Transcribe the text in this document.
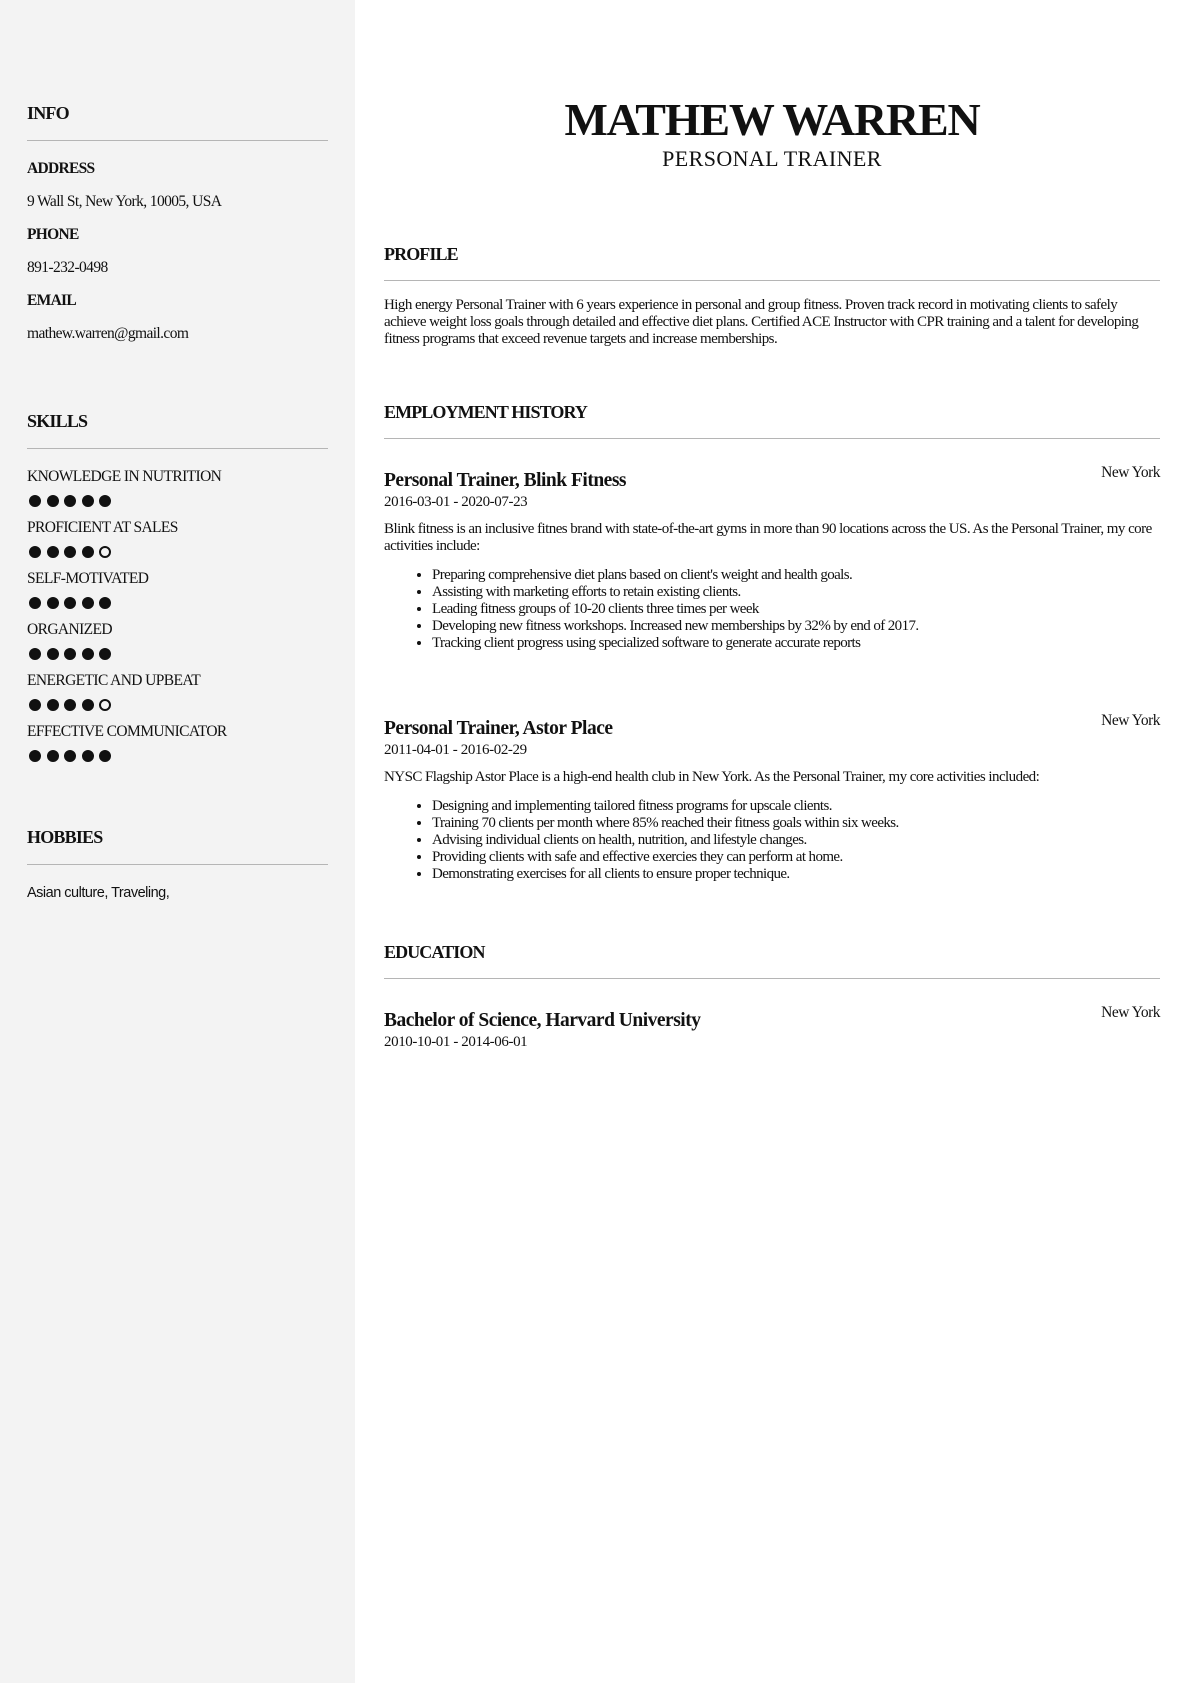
INFO
ADDRESS
9 Wall St, New York, 10005, USA
PHONE
891-232-0498
EMAIL
mathew.warren@gmail.com
SKILLS
KNOWLEDGE IN NUTRITION
PROFICIENT AT SALES
SELF-MOTIVATED
ORGANIZED
ENERGETIC AND UPBEAT
EFFECTIVE COMMUNICATOR
HOBBIES
Asian culture, Traveling,
MATHEW WARREN
PERSONAL TRAINER
PROFILE

High energy Personal Trainer with 6 years experience in personal and group fitness. Proven track record in motivating clients to safely achieve weight loss goals through detailed and effective diet plans. Certified ACE Instructor with CPR training and a talent for developing fitness programs that exceed revenue targets and increase memberships.

EMPLOYMENT HISTORY
Personal Trainer, Blink Fitness	New York
2016-03-01 - 2020-07-23

Blink fitness is an inclusive fitnes brand with state-of-the-art gyms in more than 90 locations across the US. As the Personal Trainer, my core activities include:

• Preparing comprehensive diet plans based on client's weight and health goals.
• Assisting with marketing efforts to retain existing clients.
• Leading fitness groups of 10-20 clients three times per week
• Developing new fitness workshops. Increased new memberships by 32% by end of 2017.
• Tracking client progress using specialized software to generate accurate reports
Personal Trainer, Astor Place	New York
2011-04-01 - 2016-02-29

NYSC Flagship Astor Place is a high-end health club in New York. As the Personal Trainer, my core activities included:

• Designing and implementing tailored fitness programs for upscale clients.
• Training 70 clients per month where 85% reached their fitness goals within six weeks.
• Advising individual clients on health, nutrition, and lifestyle changes.
• Providing clients with safe and effective exercies they can perform at home.
• Demonstrating exercises for all clients to ensure proper technique.
EDUCATION
Bachelor of Science, Harvard University	New York
2010-10-01 - 2014-06-01
